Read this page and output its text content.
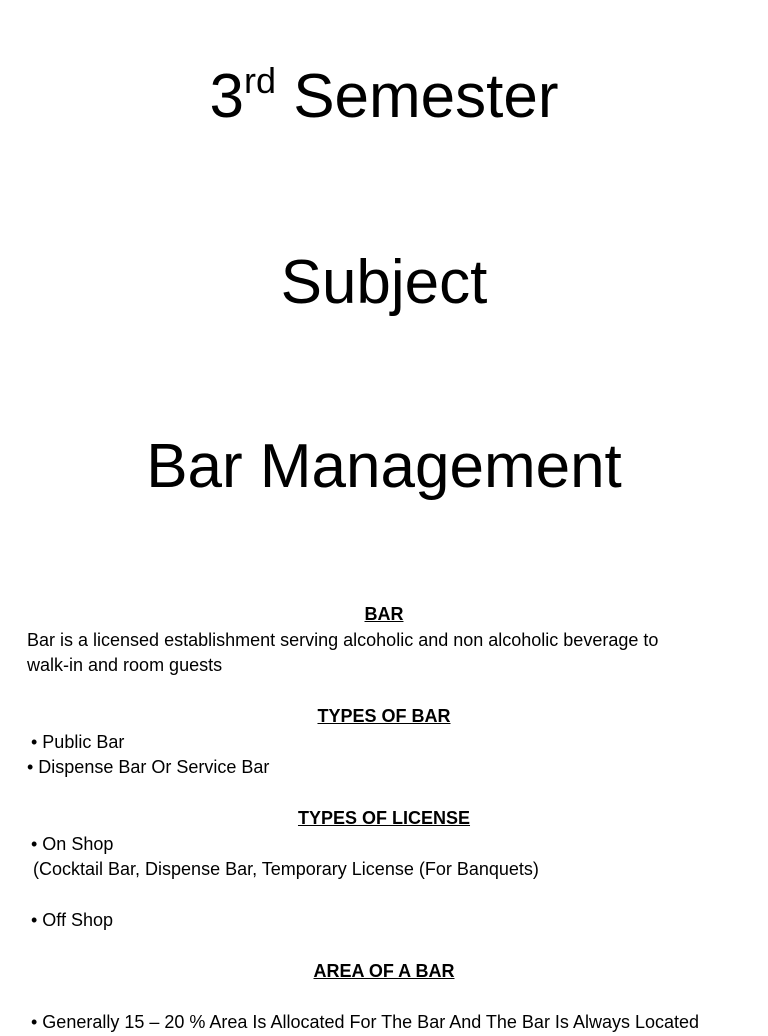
3rd Semester
Subject
Bar Management
BAR
Bar is a licensed establishment serving alcoholic and non alcoholic beverage to
walk-in and room guests
TYPES OF BAR
• Public Bar
• Dispense Bar Or Service Bar
TYPES OF LICENSE
• On Shop
(Cocktail Bar, Dispense Bar, Temporary License (For Banquets)
• Off Shop
AREA OF A BAR
• Generally 15 – 20 % Area Is Allocated For The Bar And The Bar Is Always Located
